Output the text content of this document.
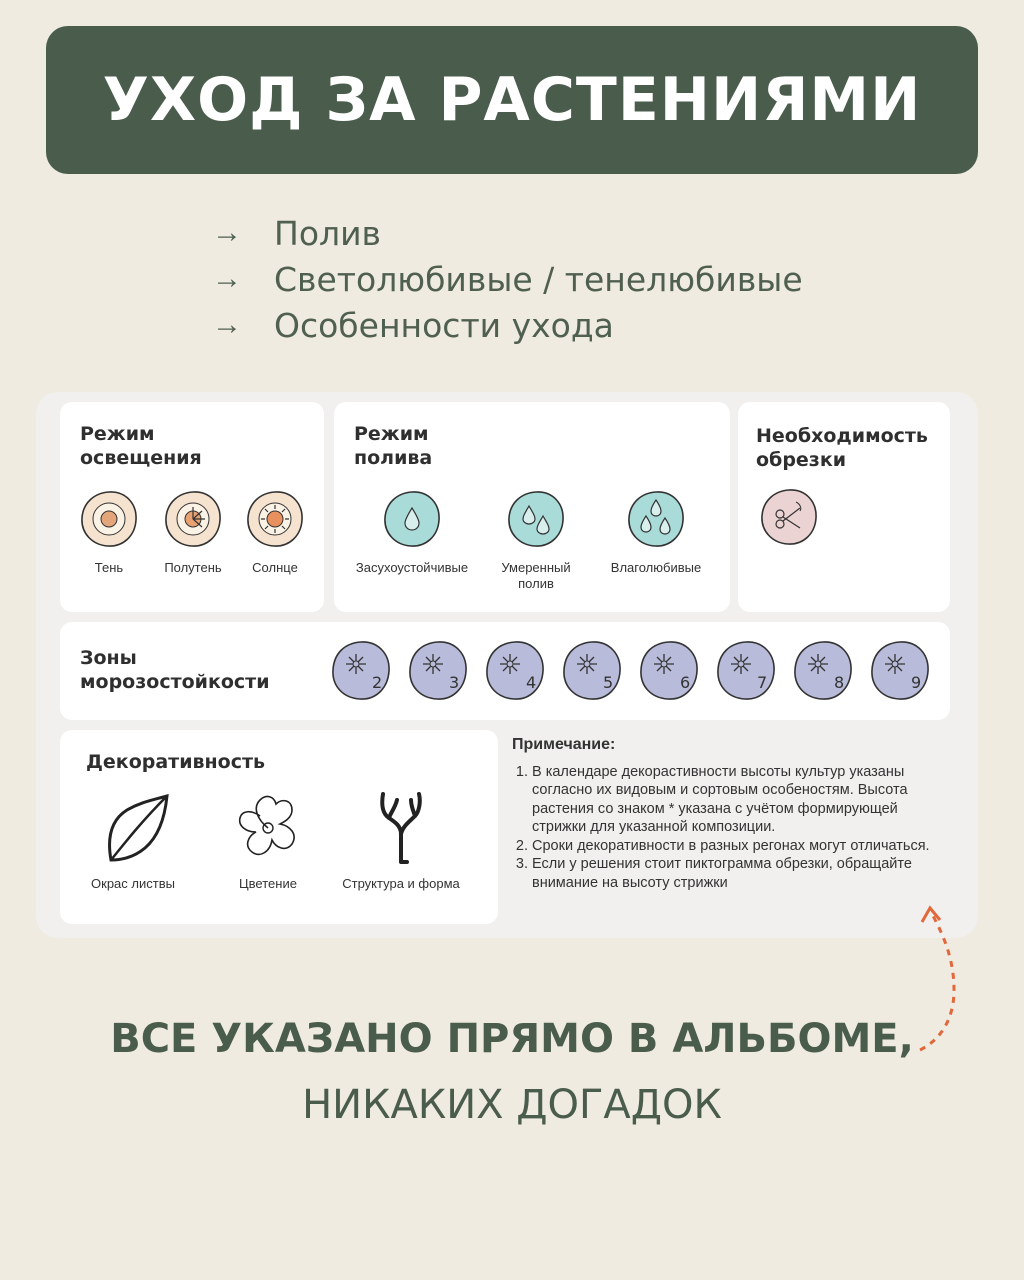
УХОД ЗА РАСТЕНИЯМИ
→ Полив
→ Светолюбивые / тенелюбивые
→ Особенности ухода
Режим
освещения
Тень	Полутень	Солнце
Режим
полива
Засухоустойчивые	Умеренный
полив
Влаголюбивые
Необходимость
обрезки
Зоны
морозостойкости	2	3	4	5	6	7	8	9
Декоративность
Окрас листвы	Цветение	Структура и форма
Примечание:
1. В календаре декорастивности высоты культур указаны согласно их видовым и сортовым особеностям. Высота растения со знаком * указана с учётом формирующей стрижки для указанной композиции.
2. Сроки декоративности в разных регонах могут отличаться.
3. Если у решения стоит пиктограмма обрезки, обращайте внимание на высоту стрижки
ВСЕ УКАЗАНО ПРЯМО В АЛЬБОМЕ,
НИКАКИХ ДОГАДОК
